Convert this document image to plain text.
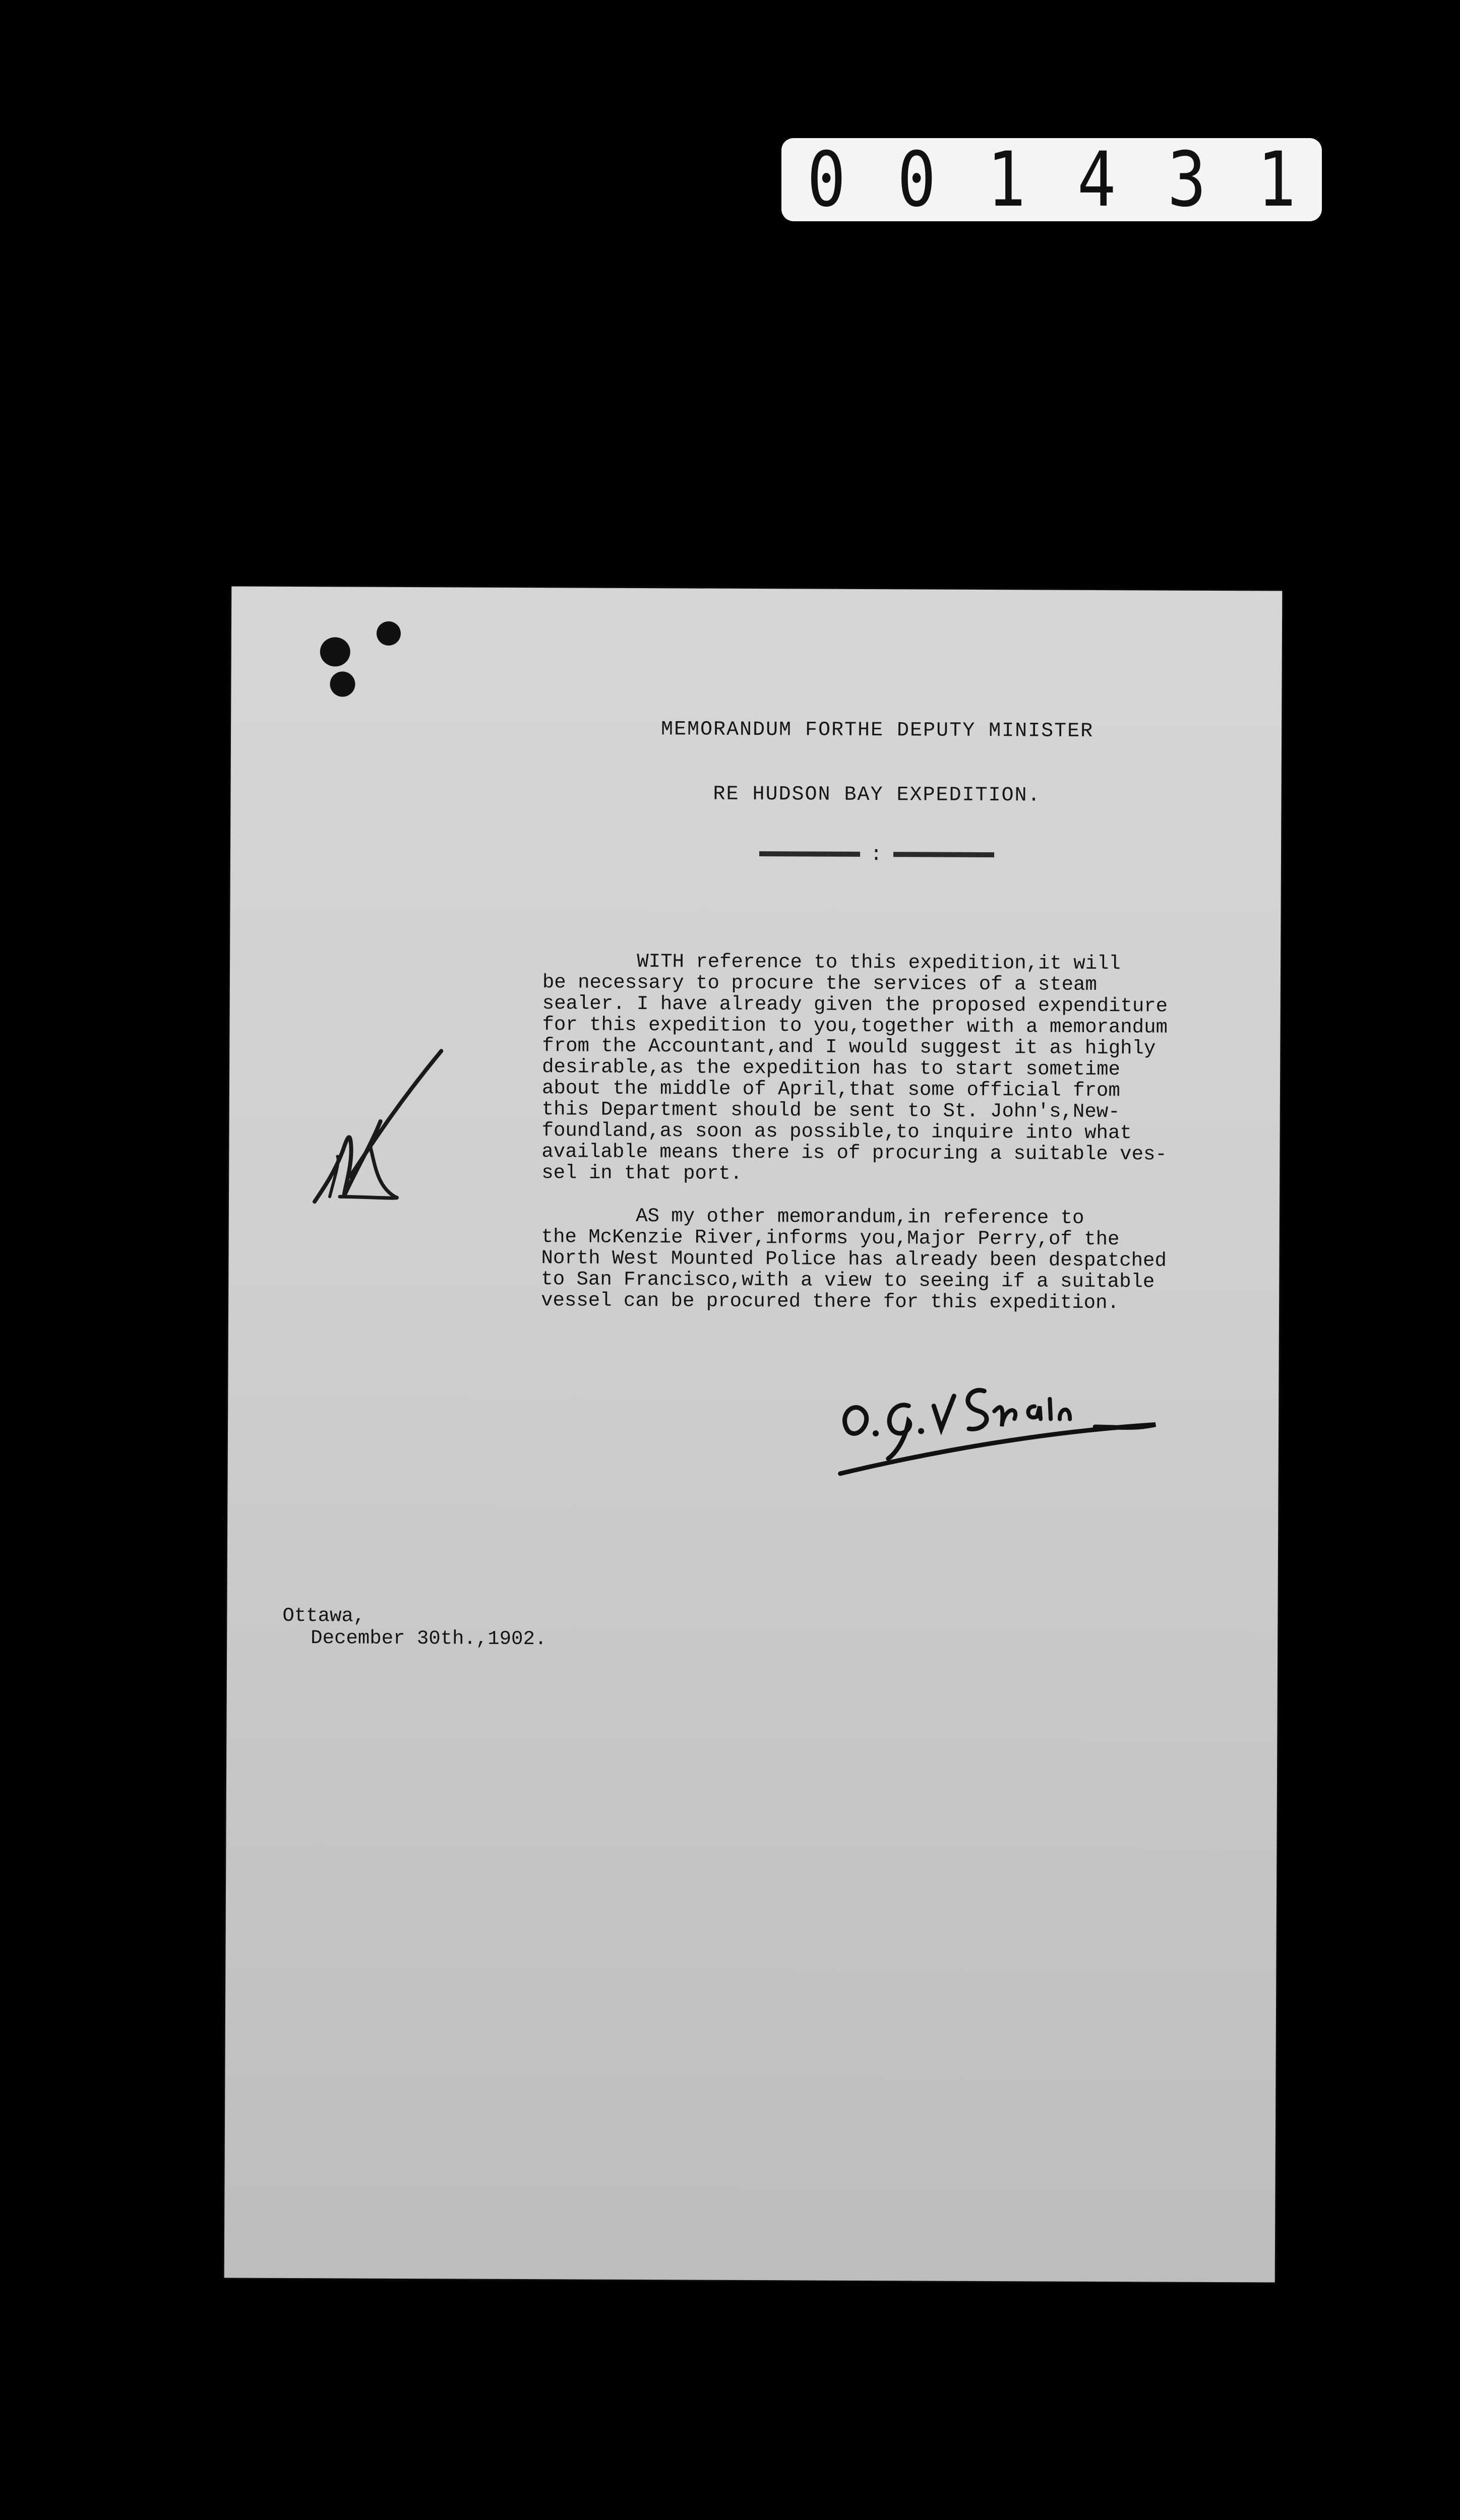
0 0 1 4 3 1
MEMORANDUM FORTHE DEPUTY MINISTER
RE HUDSON BAY EXPEDITION.
:
WITH reference to this expedition,it will
be necessary to procure the services of a steam
sealer. I have already given the proposed expenditure
for this expedition to you,together with a memorandum
from the Accountant,and I would suggest it as highly
desirable,as the expedition has to start sometime
about the middle of April,that some official from
this Department should be sent to St. John's,New-
foundland,as soon as possible,to inquire into what
available means there is of procuring a suitable ves-
sel in that port.
AS my other memorandum,in reference to
the McKenzie River,informs you,Major Perry,of the
North West Mounted Police has already been despatched
to San Francisco,with a view to seeing if a suitable
vessel can be procured there for this expedition.
Ottawa,
December 30th.,1902.
